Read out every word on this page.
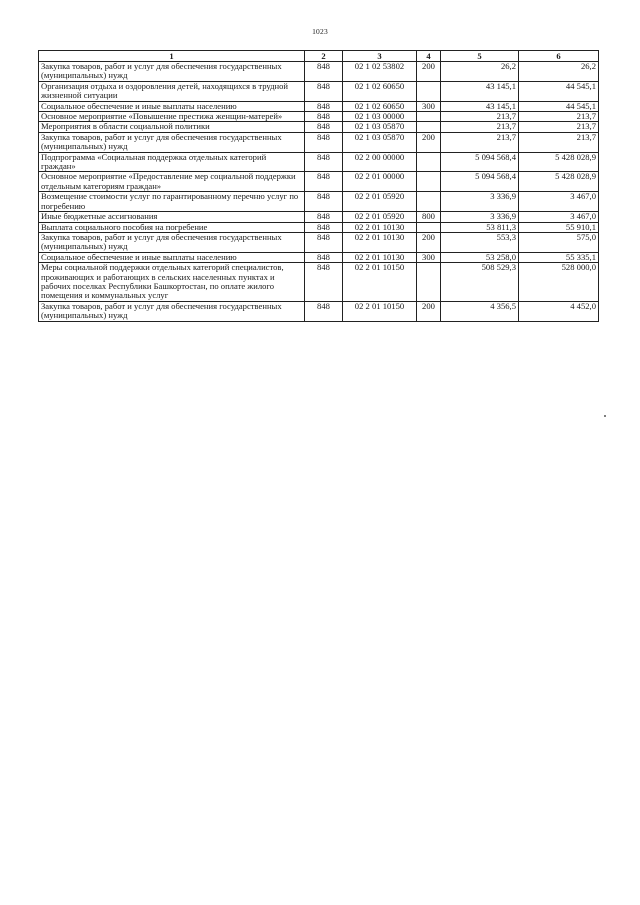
1023
1	2	3	4	5	6
Закупка товаров, работ и услуг для обеспечения государственных (муниципальных) нужд	848	02 1 02 53802	200	26,2	26,2
Организация отдыха и оздоровления детей, находящихся в трудной жизненной ситуации	848	02 1 02 60650		43 145,1	44 545,1
Социальное обеспечение и иные выплаты населению	848	02 1 02 60650	300	43 145,1	44 545,1
Основное мероприятие «Повышение престижа женщин-матерей»	848	02 1 03 00000		213,7	213,7
Мероприятия в области социальной политики	848	02 1 03 05870		213,7	213,7
Закупка товаров, работ и услуг для обеспечения государственных (муниципальных) нужд	848	02 1 03 05870	200	213,7	213,7
Подпрограмма «Социальная поддержка отдельных категорий граждан»	848	02 2 00 00000		5 094 568,4	5 428 028,9
Основное мероприятие «Предоставление мер социальной поддержки отдельным категориям граждан»	848	02 2 01 00000		5 094 568,4	5 428 028,9
Возмещение стоимости услуг по гарантированному перечню услуг по погребению	848	02 2 01 05920		3 336,9	3 467,0
Иные бюджетные ассигнования	848	02 2 01 05920	800	3 336,9	3 467,0
Выплата социального пособия на погребение	848	02 2 01 10130		53 811,3	55 910,1
Закупка товаров, работ и услуг для обеспечения государственных (муниципальных) нужд	848	02 2 01 10130	200	553,3	575,0
Социальное обеспечение и иные выплаты населению	848	02 2 01 10130	300	53 258,0	55 335,1
Меры социальной поддержки отдельных категорий специалистов, проживающих и работающих в сельских населенных пунктах и рабочих поселках Республики Башкортостан, по оплате жилого помещения и коммунальных услуг	848	02 2 01 10150		508 529,3	528 000,0
Закупка товаров, работ и услуг для обеспечения государственных (муниципальных) нужд	848	02 2 01 10150	200	4 356,5	4 452,0
